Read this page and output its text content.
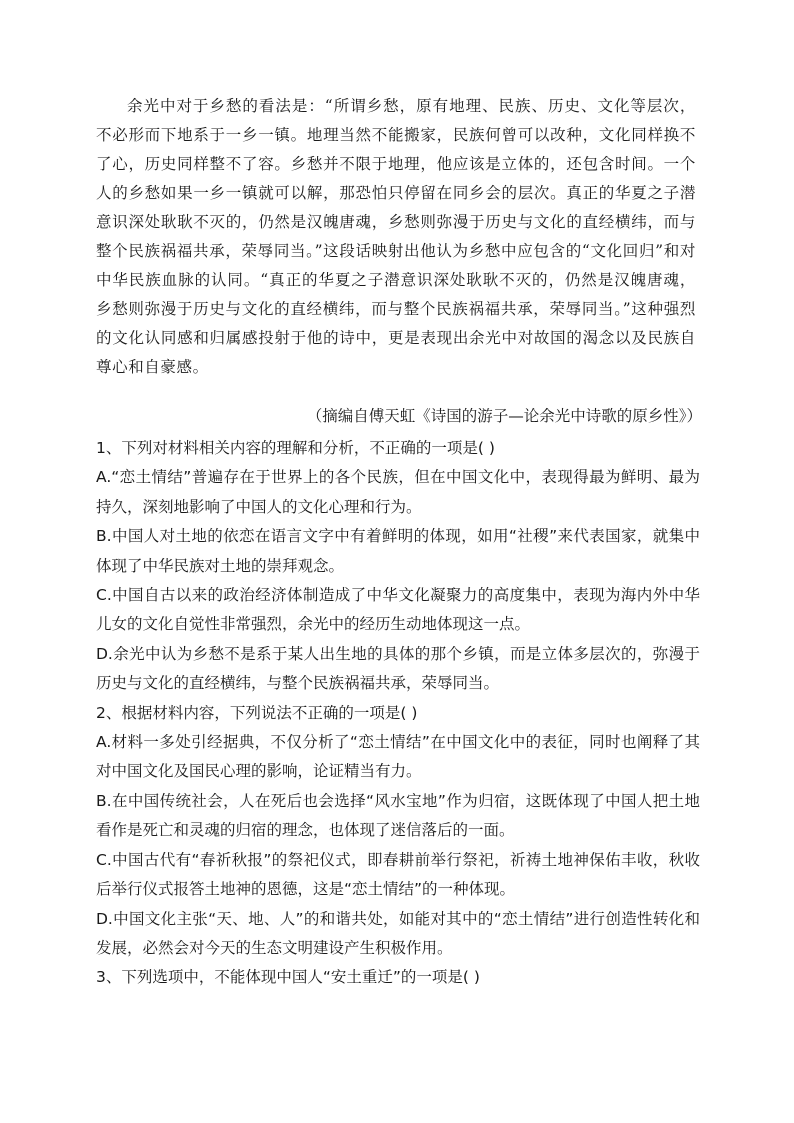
余光中对于乡愁的看法是：“所谓乡愁，原有地理、民族、历史、文化等层次，不必形而下地系于一乡一镇。地理当然不能搬家，民族何曾可以改种，文化同样换不了心，历史同样整不了容。乡愁并不限于地理，他应该是立体的，还包含时间。一个人的乡愁如果一乡一镇就可以解，那恐怕只停留在同乡会的层次。真正的华夏之子潜意识深处耿耿不灭的，仍然是汉魄唐魂，乡愁则弥漫于历史与文化的直经横纬，而与整个民族祸福共承，荣辱同当。”这段话映射出他认为乡愁中应包含的“文化回归”和对中华民族血脉的认同。“真正的华夏之子潜意识深处耿耿不灭的，仍然是汉魄唐魂，乡愁则弥漫于历史与文化的直经横纬，而与整个民族祸福共承，荣辱同当。”这种强烈的文化认同感和归属感投射于他的诗中，更是表现出余光中对故国的渴念以及民族自尊心和自豪感。

（摘编自傅天虹《诗国的游子—论余光中诗歌的原乡性》）
1、下列对材料相关内容的理解和分析，不正确的一项是( )
A.“恋土情结”普遍存在于世界上的各个民族，但在中国文化中，表现得最为鲜明、最为持久，深刻地影响了中国人的文化心理和行为。
B.中国人对土地的依恋在语言文字中有着鲜明的体现，如用“社稷”来代表国家，就集中体现了中华民族对土地的崇拜观念。
C.中国自古以来的政治经济体制造成了中华文化凝聚力的高度集中，表现为海内外中华儿女的文化自觉性非常强烈，余光中的经历生动地体现这一点。
D.余光中认为乡愁不是系于某人出生地的具体的那个乡镇，而是立体多层次的，弥漫于历史与文化的直经横纬，与整个民族祸福共承，荣辱同当。
2、根据材料内容，下列说法不正确的一项是( )
A.材料一多处引经据典，不仅分析了“恋土情结”在中国文化中的表征，同时也阐释了其对中国文化及国民心理的影响，论证精当有力。
B.在中国传统社会，人在死后也会选择“风水宝地”作为归宿，这既体现了中国人把土地看作是死亡和灵魂的归宿的理念，也体现了迷信落后的一面。
C.中国古代有“春祈秋报”的祭祀仪式，即春耕前举行祭祀，祈祷土地神保佑丰收，秋收后举行仪式报答土地神的恩德，这是“恋土情结”的一种体现。
D.中国文化主张“天、地、人”的和谐共处，如能对其中的“恋土情结”进行创造性转化和发展，必然会对今天的生态文明建设产生积极作用。
3、下列选项中，不能体现中国人“安土重迁”的一项是( )
